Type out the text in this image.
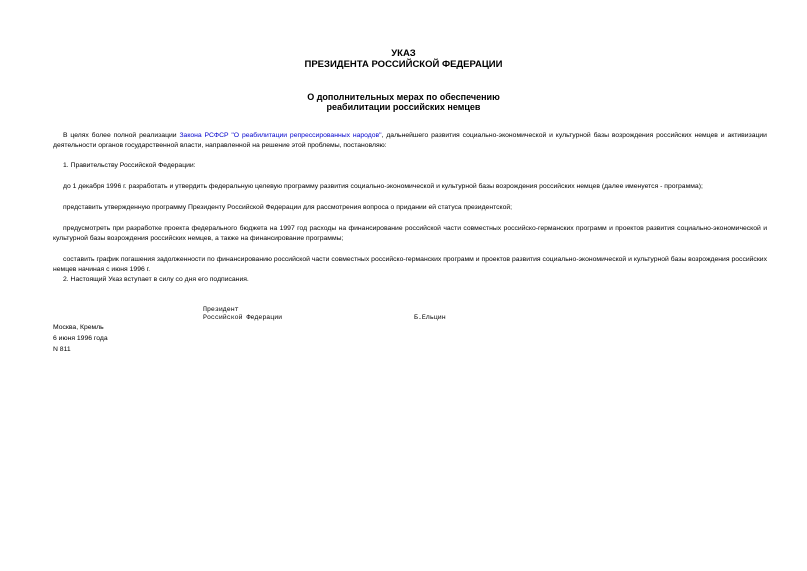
УКАЗ
ПРЕЗИДЕНТА РОССИЙСКОЙ ФЕДЕРАЦИИ
О дополнительных мерах по обеспечению
реабилитации российских немцев
В целях более полной реализации Закона РСФСР "О реабилитации репрессированных народов", дальнейшего развития социально-экономической и культурной базы возрождения российских немцев и активизации деятельности органов государственной власти, направленной на решение этой проблемы, постановляю:
1. Правительству Российской Федерации:
до 1 декабря 1996 г. разработать и утвердить федеральную целевую программу развития социально-экономической и культурной базы возрождения российских немцев (далее именуется - программа);
представить утвержденную программу Президенту Российской Федерации для рассмотрения вопроса о придании ей статуса президентской;
предусмотреть при разработке проекта федерального бюджета на 1997 год расходы на финансирование российской части совместных российско-германских программ и проектов развития социально-экономической и культурной базы возрождения российских немцев, а также на финансирование программы;
составить график погашения задолженности по финансированию российской части совместных российско-германских программ и проектов развития социально-экономической и культурной базы возрождения российских немцев начиная с июня 1996 г.
2. Настоящий Указ вступает в силу со дня его подписания.
Президент
Российской Федерации	Б.Ельцин
Москва, Кремль
6 июня 1996 года
N 811
